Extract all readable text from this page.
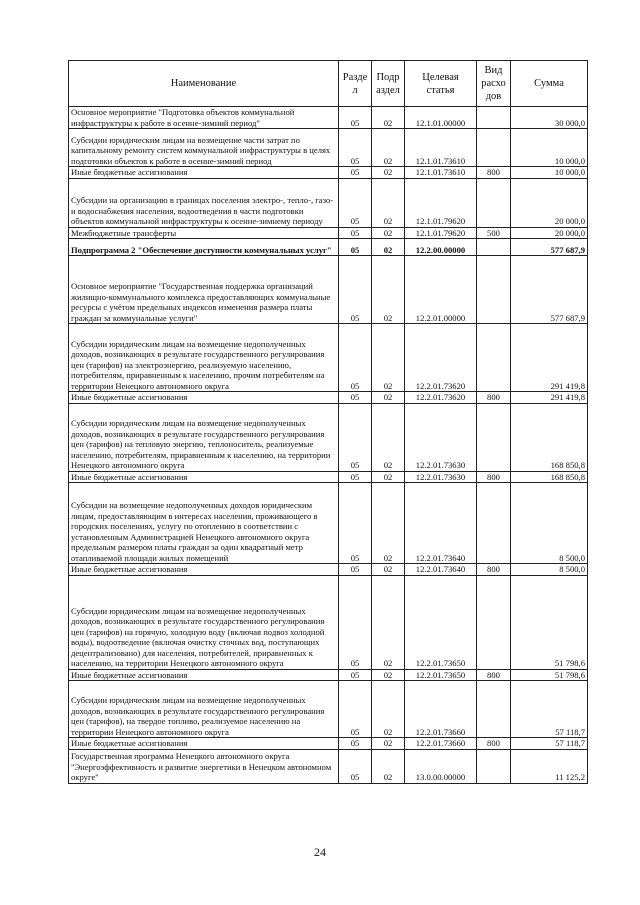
Наименование	Разде л	Подр аздел	Целевая статья	Вид расхо дов	Сумма
Основное мероприятие "Подготовка объектов коммунальной инфраструктуры к работе в осенне-зимний период"	05	02	12.1.01.00000		30 000,0
Субсидии юридическим лицам на возмещение части затрат по капитальному ремонту систем коммунальной инфраструктуры в целях подготовки объектов к работе в осенне-зимний период	05	02	12.1.01.73610		10 000,0
Иные бюджетные ассигнования	05	02	12.1.01.73610	800	10 000,0
Субсидии на организацию в границах поселения электро-, тепло-, газо- и водоснабжения населения, водоотведения в части подготовки объектов коммунальной инфраструктуры к осенне-зимнему периоду	05	02	12.1.01.79620		20 000,0
Межбюджетные трансферты	05	02	12.1.01.79620	500	20 000,0
Подпрограмма 2 "Обеспечение доступности коммунальных услуг"	05	02	12.2.00.00000		577 687,9
Основное мероприятие "Государственная поддержка организаций жилищно-коммунального комплекса предоставляющих коммунальные ресурсы с учётом предельных индексов изменения размера платы граждан за коммунальные услуги"	05	02	12.2.01.00000		577 687,9
Субсидии юридическим лицам на возмещение недополученных доходов, возникающих в результате государственного регулирования цен (тарифов) на электроэнергию, реализуемую населению, потребителям, приравненным к населению, прочим потребителям на территории Ненецкого автономного округа	05	02	12.2.01.73620		291 419,8
Иные бюджетные ассигнования	05	02	12.2.01.73620	800	291 419,8
Субсидии юридическим лицам на возмещение недополученных доходов, возникающих в результате государственного регулирования цен (тарифов) на тепловую энергию, теплоноситель, реализуемые населению, потребителям, приравненным к населению, на территории Ненецкого автономного округа	05	02	12.2.01.73630		168 850,8
Иные бюджетные ассигнования	05	02	12.2.01.73630	800	168 850,8
Субсидии на возмещение недополученных доходов юридическим лицам, предоставляющим в интересах населения, проживающего в городских поселениях, услугу по отоплению в соответствии с установленным Администрацией Ненецкого автономного округа предельным размером платы граждан за один квадратный метр отапливаемой площади жилых помещений	05	02	12.2.01.73640		8 500,0
Иные бюджетные ассигнования	05	02	12.2.01.73640	800	8 500,0
Субсидии юридическим лицам на возмещение недополученных доходов, возникающих в результате государственного регулирования цен (тарифов) на горячую, холодную воду (включая подвоз холодной воды), водоотведение (включая очистку сточных вод, поступающих децентрализовано) для населения, потребителей, приравненных к населению, на территории Ненецкого автономного округа	05	02	12.2.01.73650		51 798,6
Иные бюджетные ассигнования	05	02	12.2.01.73650	800	51 798,6
Субсидии юридическим лицам на возмещение недополученных доходов, возникающих в результате государственного регулирования цен (тарифов), на твердое топливо, реализуемое населению на территории Ненецкого автономного округа	05	02	12.2.01.73660		57 118,7
Иные бюджетные ассигнования	05	02	12.2.01.73660	800	57 118,7
Государственная программа Ненецкого автономного округа "Энергоэффективность и развитие энергетики в Ненецком автономном округе"	05	02	13.0.00.00000		11 125,2
24
